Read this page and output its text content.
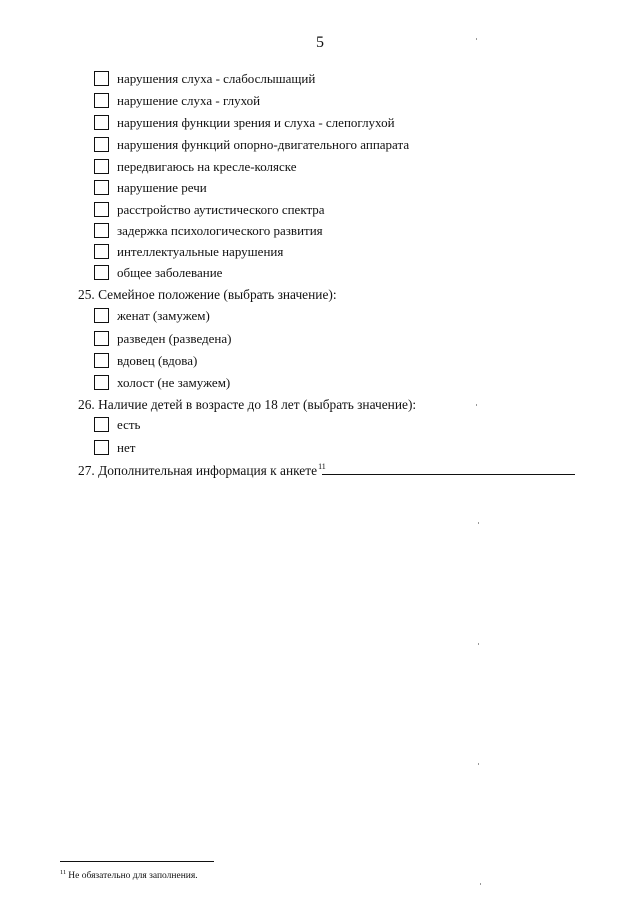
5
нарушения слуха - слабослышащий
нарушение слуха - глухой
нарушения функции зрения и слуха - слепоглухой
нарушения функций опорно-двигательного аппарата
передвигаюсь на кресле-коляске
нарушение речи
расстройство аутистического спектра
задержка психологического развития
интеллектуальные нарушения
общее заболевание
25. Семейное положение (выбрать значение):
женат (замужем)
разведен (разведена)
вдовец (вдова)
холост (не замужем)
26. Наличие детей в возрасте до 18 лет (выбрать значение):
есть
нет
27. Дополнительная информация к анкете$^{11}$
$^{11}$ Не обязательно для заполнения.
